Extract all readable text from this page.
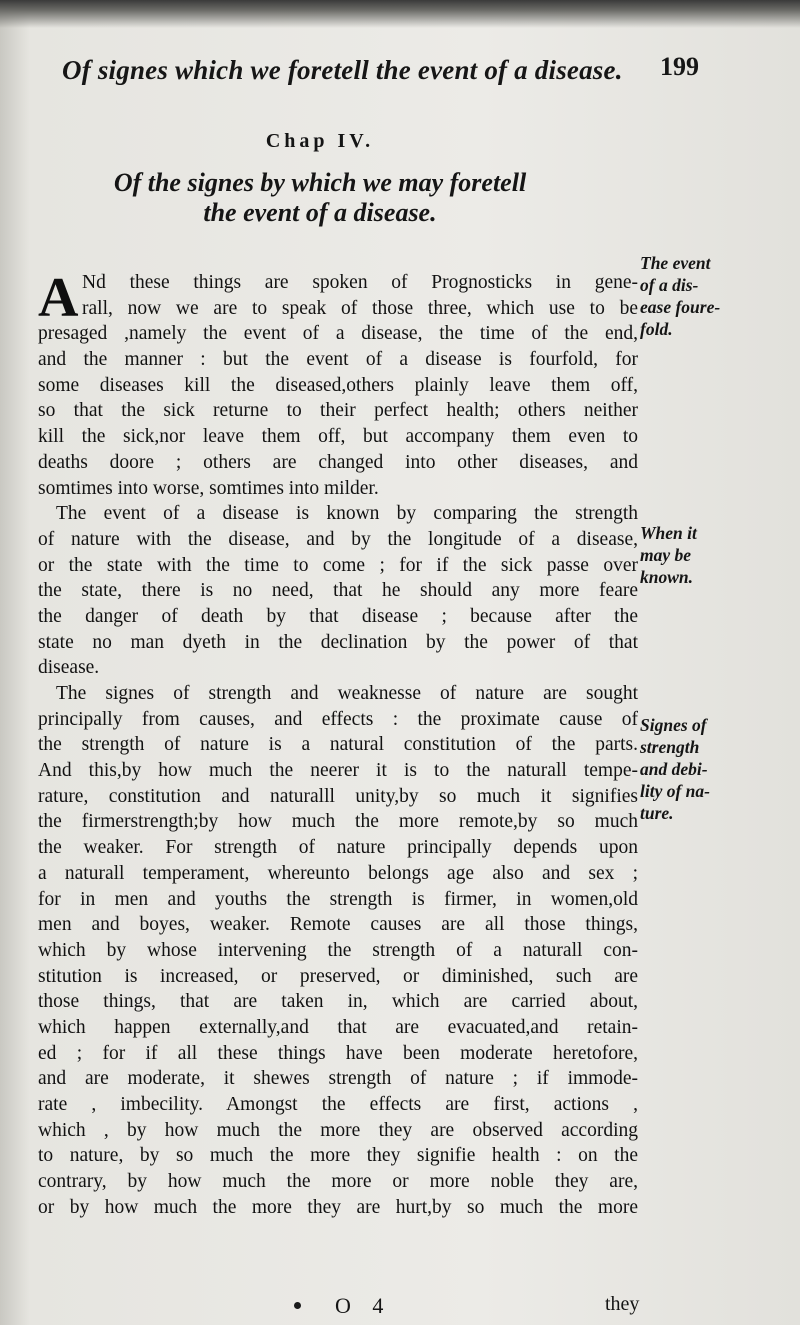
Of signes which we foretell the event of a disease. 199
Chap IV.
Of the signes by which we may foretell
the event of a disease.
A Nd these things are spoken of Prognosticks in gene-
rall, now we are to speak of those three, which use to be
presaged ,namely the event of a disease, the time of the end,
and the manner : but the event of a disease is fourfold, for
some diseases kill the diseased,others plainly leave them off,
so that the sick returne to their perfect health; others neither
kill the sick,nor leave them off, but accompany them even to
deaths doore ; others are changed into other diseases, and
somtimes into worse, somtimes into milder.
The event of a disease is known by comparing the strength
of nature with the disease, and by the longitude of a disease,
or the state with the time to come ; for if the sick passe over
the state, there is no need, that he should any more feare
the danger of death by that disease ; because after the
state no man dyeth in the declination by the power of that
disease.
The signes of strength and weaknesse of nature are sought
principally from causes, and effects : the proximate cause of
the strength of nature is a natural constitution of the parts.
And this,by how much the neerer it is to the naturall tempe-
rature, constitution and naturalll unity,by so much it signifies
the firmerstrength;by how much the more remote,by so much
the weaker. For strength of nature principally depends upon
a naturall temperament, whereunto belongs age also and sex ;
for in men and youths the strength is firmer, in women,old
men and boyes, weaker. Remote causes are all those things,
which by whose intervening the strength of a naturall con-
stitution is increased, or preserved, or diminished, such are
those things, that are taken in, which are carried about,
which happen externally,and that are evacuated,and retain-
ed ; for if all these things have been moderate heretofore,
and are moderate, it shewes strength of nature ; if immode-
rate , imbecility. Amongst the effects are first, actions ,
which , by how much the more they are observed according
to nature, by so much the more they signifie health : on the
contrary, by how much the more or more noble they are,
or by how much the more they are hurt,by so much the more
The event
of a dis-
ease foure-
fold.
When it
may be
known.
Signes of
strength
and debi-
lity of na-
ture.
O 4	they
